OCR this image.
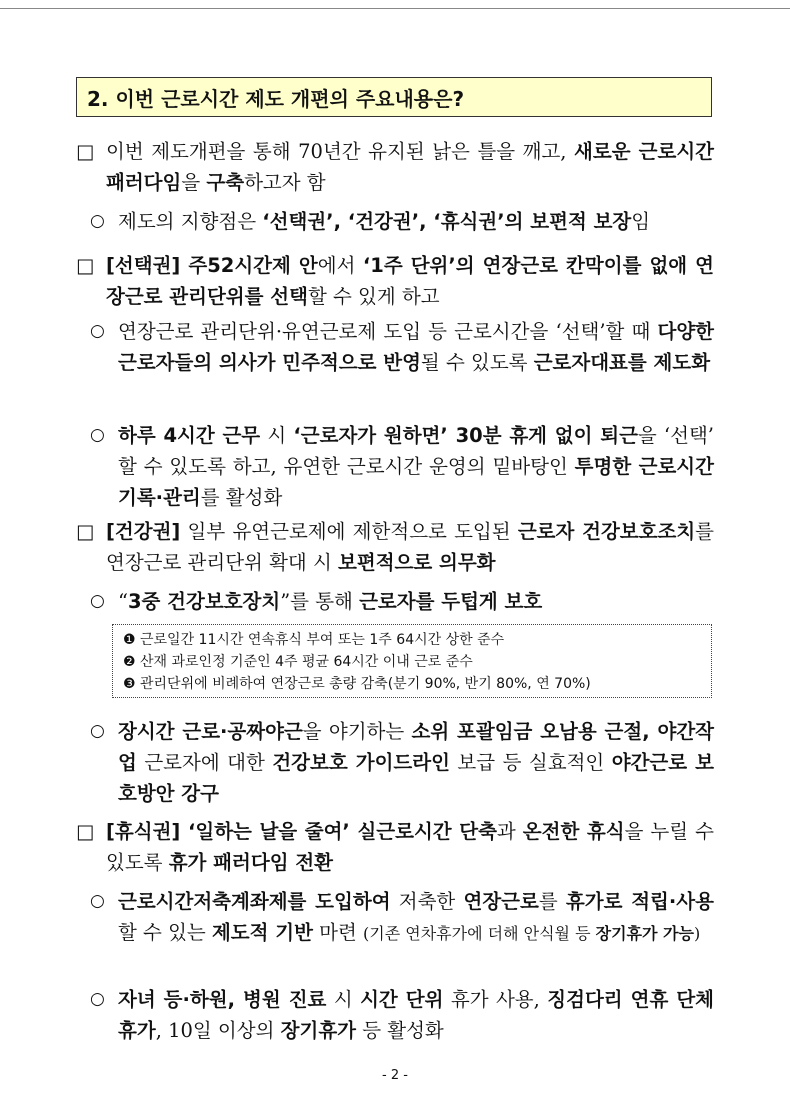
2. 이번 근로시간 제도 개편의 주요내용은?
□ 이번 제도개편을 통해 70년간 유지된 낡은 틀을 깨고, 새로운 근로시간 패러다임을 구축하고자 함
○ 제도의 지향점은 ‘선택권’, ‘건강권’, ‘휴식권’의 보편적 보장임
□ [선택권] 주52시간제 안에서 ‘1주 단위’의 연장근로 칸막이를 없애 연장근로 관리단위를 선택할 수 있게 하고
○ 연장근로 관리단위·유연근로제 도입 등 근로시간을 ‘선택’할 때 다양한 근로자들의 의사가 민주적으로 반영될 수 있도록 근로자대표를 제도화
○ 하루 4시간 근무 시 ‘근로자가 원하면’ 30분 휴게 없이 퇴근을 ‘선택’ 할 수 있도록 하고, 유연한 근로시간 운영의 밑바탕인 투명한 근로시간 기록·관리를 활성화
□ [건강권] 일부 유연근로제에 제한적으로 도입된 근로자 건강보호조치를 연장근로 관리단위 확대 시 보편적으로 의무화
○ “3중 건강보호장치”를 통해 근로자를 두텁게 보호
❶ 근로일간 11시간 연속휴식 부여 또는 1주 64시간 상한 준수
❷ 산재 과로인정 기준인 4주 평균 64시간 이내 근로 준수
❸ 관리단위에 비례하여 연장근로 총량 감축(분기 90%, 반기 80%, 연 70%)
○ 장시간 근로·공짜야근을 야기하는 소위 포괄임금 오남용 근절, 야간작업 근로자에 대한 건강보호 가이드라인 보급 등 실효적인 야간근로 보호방안 강구
□ [휴식권] ‘일하는 날을 줄여’ 실근로시간 단축과 온전한 휴식을 누릴 수 있도록 휴가 패러다임 전환
○ 근로시간저축계좌제를 도입하여 저축한 연장근로를 휴가로 적립·사용할 수 있는 제도적 기반 마련 (기존 연차휴가에 더해 안식월 등 장기휴가 가능)
○ 자녀 등·하원, 병원 진료 시 시간 단위 휴가 사용, 징검다리 연휴 단체 휴가, 10일 이상의 장기휴가 등 활성화
- 2 -
